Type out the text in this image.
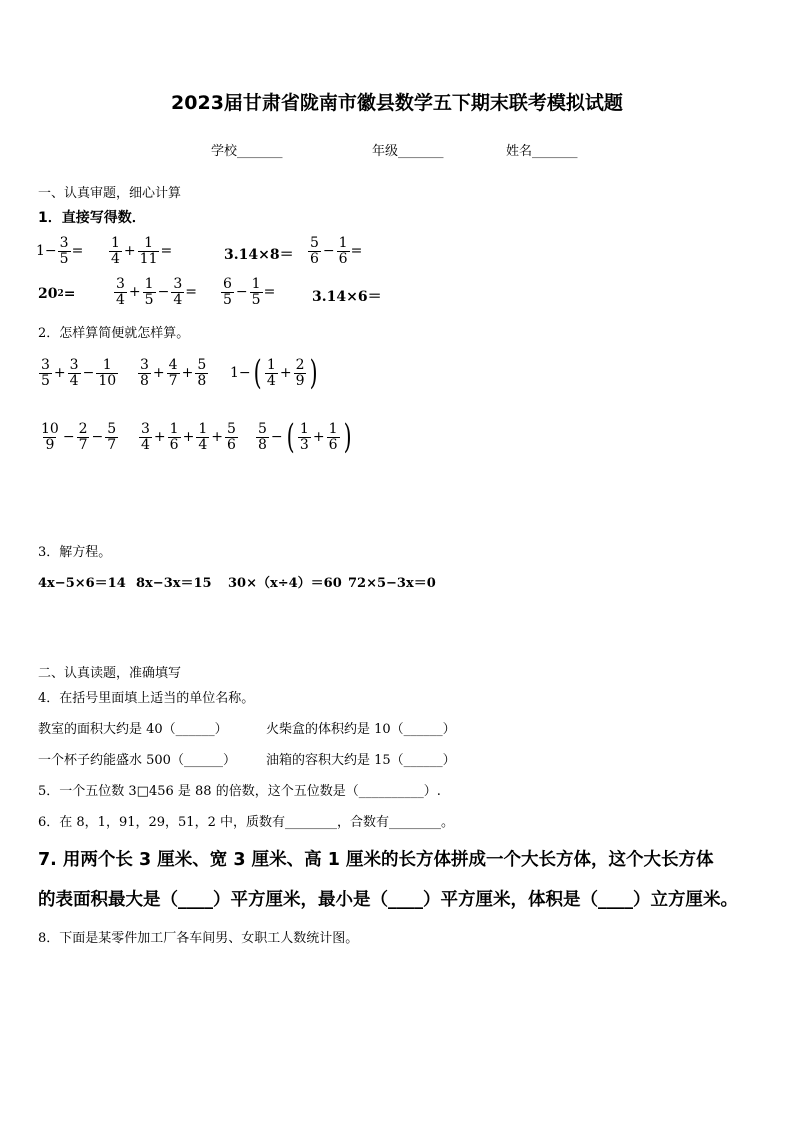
2023届甘肃省陇南市徽县数学五下期末联考模拟试题
学校_______	年级_______	姓名_______
一、认真审题，细心计算
1．直接写得数．
$1- \frac{3}{5} = \frac{1}{4} + \frac{1}{11}$ =	$3.14\times 8= \frac{5}{6} - \frac{1}{6}$ =
20 2 =	$\frac{3}{4} + \frac{1}{5} - \frac{3}{4} = \frac{6}{5} - \frac{1}{5}$ =	3.14×6＝
2．怎样算简便就怎样算。
$\frac{3}{5} + \frac{3}{4} - \frac{1}{10} \frac{3}{8} + \frac{4}{7} + \frac{5}{8} 1-$ ( $\frac{1}{4} + \frac{2}{9}$ )
$\frac{10}{9} - \frac{2}{7} - \frac{5}{7} \frac{3}{4} + \frac{1}{6} + \frac{1}{4} + \frac{5}{6} \frac{5}{8}$ − ( $\frac{1}{3} + \frac{1}{6}$ )
3．解方程。
4x−5×6＝14 8x−3x＝15 30×（x÷4）＝60 72×5−3x＝0
二、认真读题，准确填写
4．在括号里面填上适当的单位名称。
教室的面积大约是 40（______）	火柴盒的体积约是 10（______）
一个杯子约能盛水 500（______） 油箱的容积大约是 15（______）
5．一个五位数 3□456 是 88 的倍数，这个五位数是（__________）.
6．在 8，1，91，29，51，2 中，质数有________，合数有________。
7. 用两个长 3 厘米、宽 3 厘米、高 1 厘米的长方体拼成一个大长方体，这个大长方体
的表面积最大是（____）平方厘米，最小是（____）平方厘米，体积是（____）立方厘米。
8．下面是某零件加工厂各车间男、女职工人数统计图。
